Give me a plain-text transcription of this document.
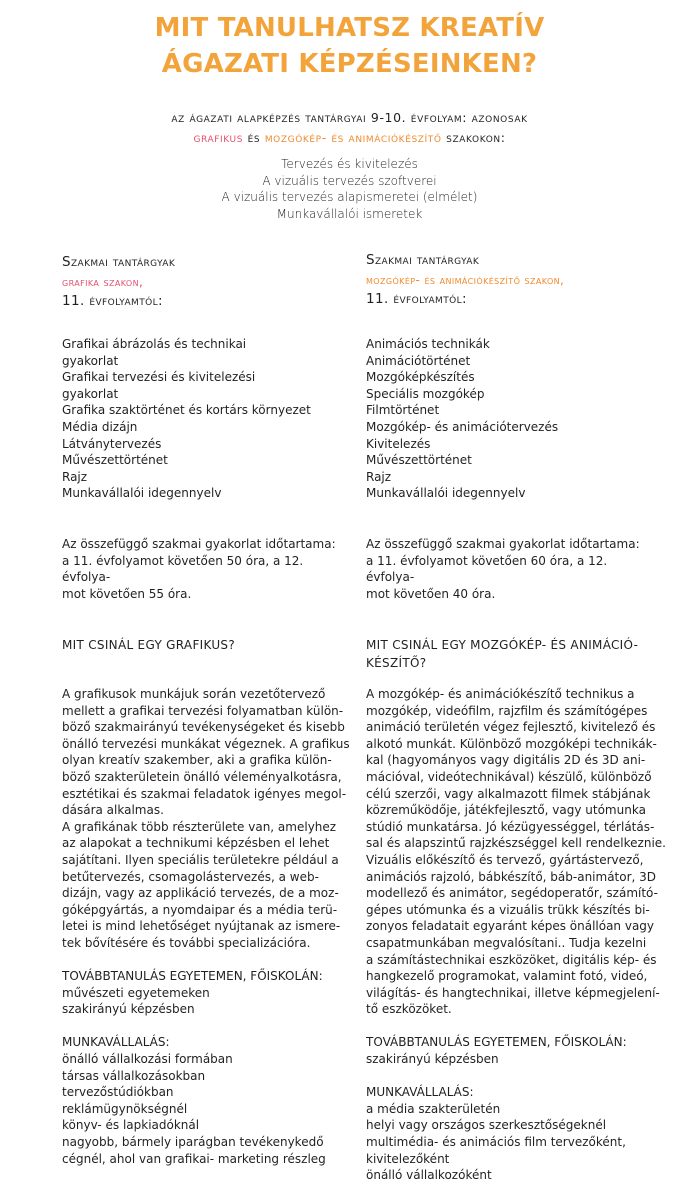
MIT TANULHATSZ KREATÍV
ÁGAZATI KÉPZÉSEINKEN?
az ágazati alapképzés tantárgyai 9-10. évfolyam: azonosak
grafikus és mozgókép- és animációkészítő szakokon:
Tervezés és kivitelezés
A vizuális tervezés szoftverei
A vizuális tervezés alapismeretei (elmélet)
Munkavállalói ismeretek
Szakmai tantárgyak
grafika szakon,
11. évfolyamtól:
Grafikai ábrázolás és technikai
gyakorlat
Grafikai tervezési és kivitelezési
gyakorlat
Grafika szaktörténet és kortárs környezet
Média dizájn
Látványtervezés
Művészettörténet
Rajz
Munkavállalói idegennyelv
Az összefüggő szakmai gyakorlat időtartama:
a 11. évfolyamot követően 50 óra, a 12. évfolya-
mot követően 55 óra.
MIT CSINÁL EGY GRAFIKUS?
A grafikusok munkájuk során vezetőtervező
mellett a grafikai tervezési folyamatban külön-
böző szakmairányú tevékenységeket és kisebb
önálló tervezési munkákat végeznek. A grafikus
olyan kreatív szakember, aki a grafika külön-
böző szakterületein önálló véleményalkotásra,
esztétikai és szakmai feladatok igényes megol-
dására alkalmas.
A grafikának több részterülete van, amelyhez
az alapokat a technikumi képzésben el lehet
sajátítani. Ilyen speciális területekre például a
betűtervezés, csomagolástervezés, a web-
dizájn, vagy az applikáció tervezés, de a moz-
góképgyártás, a nyomdaipar és a média terü-
letei is mind lehetőséget nyújtanak az ismere-
tek bővítésére és további specializációra.
TOVÁBBTANULÁS EGYETEMEN, FŐISKOLÁN:
művészeti egyetemeken
szakirányú képzésben
MUNKAVÁLLALÁS:
önálló vállalkozási formában
társas vállalkozásokban
tervezőstúdiókban
reklámügynökségnél
könyv- és lapkiadóknál
nagyobb, bármely iparágban tevékenykedő
cégnél, ahol van grafikai- marketing részleg
Szakmai tantárgyak
mozgókép- és animációkészítő szakon,
11. évfolyamtól:
Animációs technikák
Animációtörténet
Mozgóképkészítés
Speciális mozgókép
Filmtörténet
Mozgókép- és animációtervezés
Kivitelezés
Művészettörténet
Rajz
Munkavállalói idegennyelv
Az összefüggő szakmai gyakorlat időtartama:
a 11. évfolyamot követően 60 óra, a 12. évfolya-
mot követően 40 óra.
MIT CSINÁL EGY MOZGÓKÉP- ÉS ANIMÁCIÓ-
KÉSZÍTŐ?
A mozgókép- és animációkészítő technikus a
mozgókép, videófilm, rajzfilm és számítógépes
animáció területén végez fejlesztő, kivitelező és
alkotó munkát. Különböző mozgóképi technikák-
kal (hagyományos vagy digitális 2D és 3D ani-
mációval, videótechnikával) készülő, különböző
célú szerzői, vagy alkalmazott filmek stábjának
közreműködője, játékfejlesztő, vagy utómunka
stúdió munkatársa. Jó kézügyességgel, térlátás-
sal és alapszintű rajzkészséggel kell rendelkeznie.
Vizuális előkészítő és tervező, gyártástervező,
animációs rajzoló, bábkészítő, báb-animátor, 3D
modellező és animátor, segédoperatőr, számító-
gépes utómunka és a vizuális trükk készítés bi-
zonyos feladatait egyaránt képes önállóan vagy
csapatmunkában megvalósítani.. Tudja kezelni
a számítástechnikai eszközöket, digitális kép- és
hangkezelő programokat, valamint fotó, videó,
világítás- és hangtechnikai, illetve képmegjelení-
tő eszközöket.
TOVÁBBTANULÁS EGYETEMEN, FŐISKOLÁN:
szakirányú képzésben
MUNKAVÁLLALÁS:
a média szakterületén
helyi vagy országos szerkesztőségeknél
multimédia- és animációs film tervezőként,
kivitelezőként
önálló vállalkozóként
